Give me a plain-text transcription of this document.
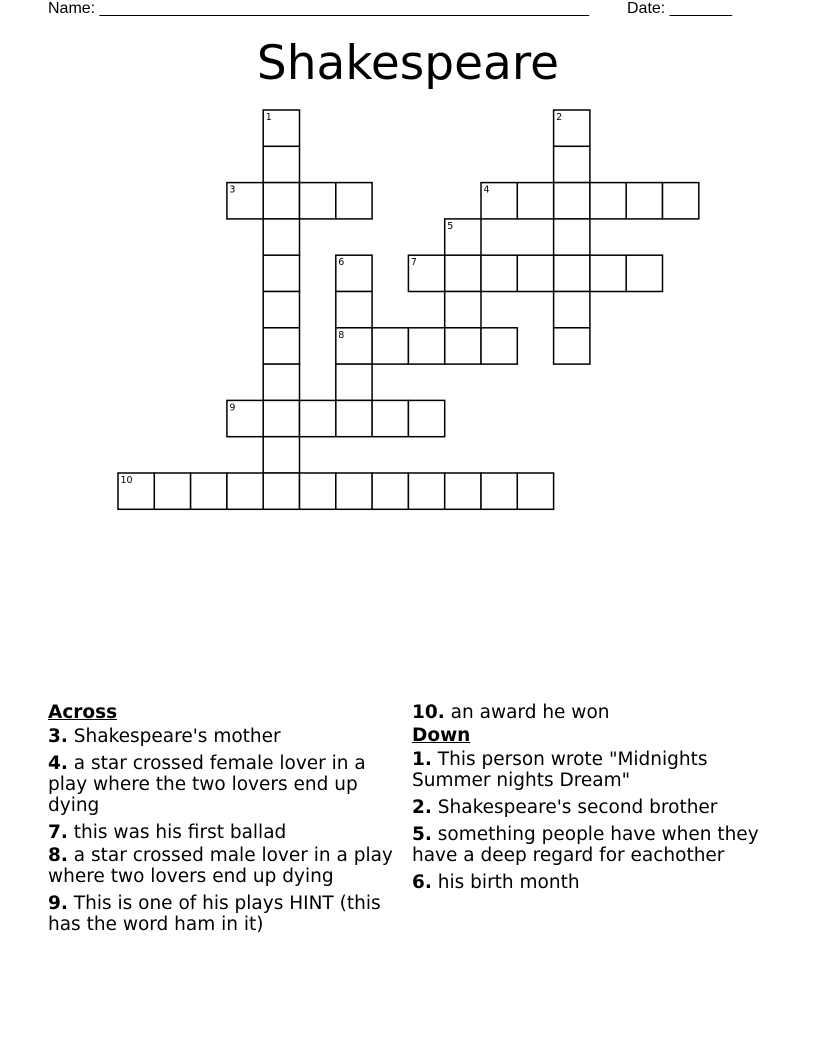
Name: _______________________________________________________ Date: _______
Shakespeare
1	2
3	4
5
6	7
8
9
10
Across
3. Shakespeare's mother
4. a star crossed female lover in a play where the two lovers end up dying
7. this was his first ballad
8. a star crossed male lover in a play where two lovers end up dying
9. This is one of his plays HINT (this has the word ham in it)
10. an award he won
Down
1. This person wrote "Midnights Summer nights Dream"
2. Shakespeare's second brother
5. something people have when they have a deep regard for eachother
6. his birth month
